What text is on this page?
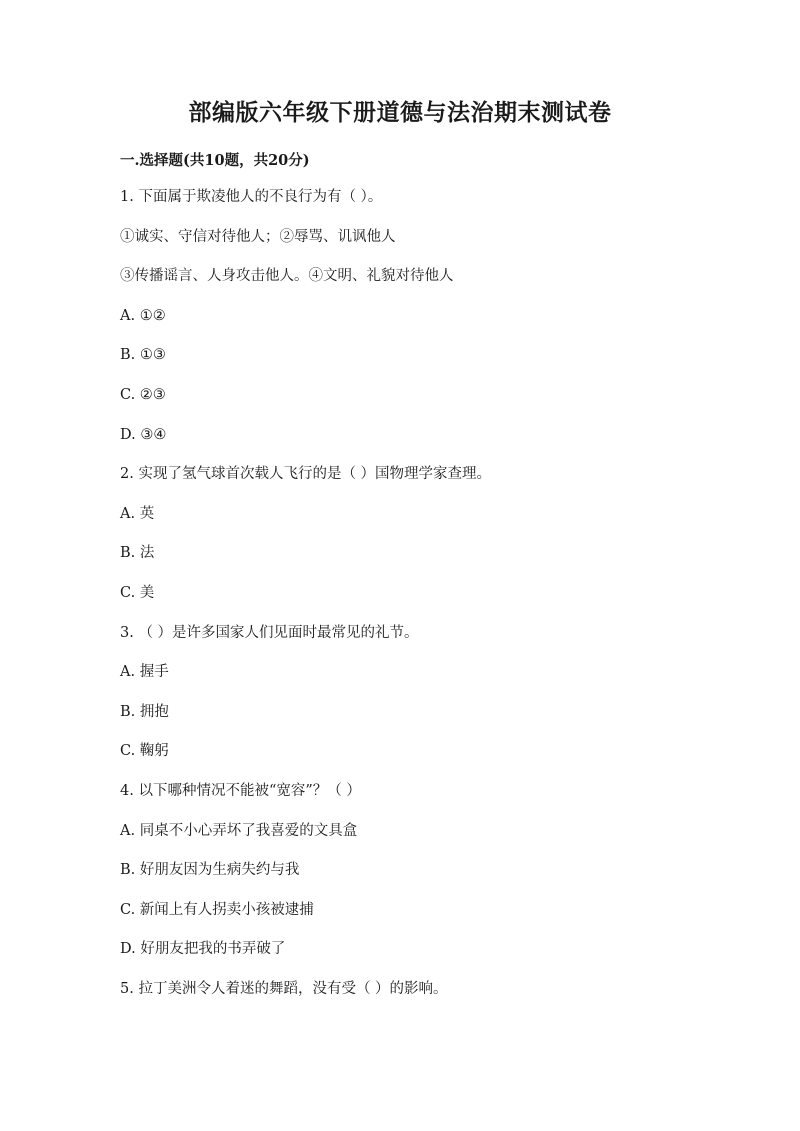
部编版六年级下册道德与法治期末测试卷
一.选择题(共10题，共20分)

1. 下面属于欺凌他人的不良行为有（ ）。

①诚实、守信对待他人；②辱骂、讥讽他人

③传播谣言、人身攻击他人。④文明、礼貌对待他人

A. ①②

B. ①③

C. ②③

D. ③④

2. 实现了氢气球首次载人飞行的是（ ）国物理学家查理。

A. 英

B. 法

C. 美

3. （ ）是许多国家人们见面时最常见的礼节。

A. 握手

B. 拥抱

C. 鞠躬

4. 以下哪种情况不能被“宽容”？（ ）

A. 同桌不小心弄坏了我喜爱的文具盒

B. 好朋友因为生病失约与我

C. 新闻上有人拐卖小孩被逮捕

D. 好朋友把我的书弄破了

5. 拉丁美洲令人着迷的舞蹈，没有受（ ）的影响。
